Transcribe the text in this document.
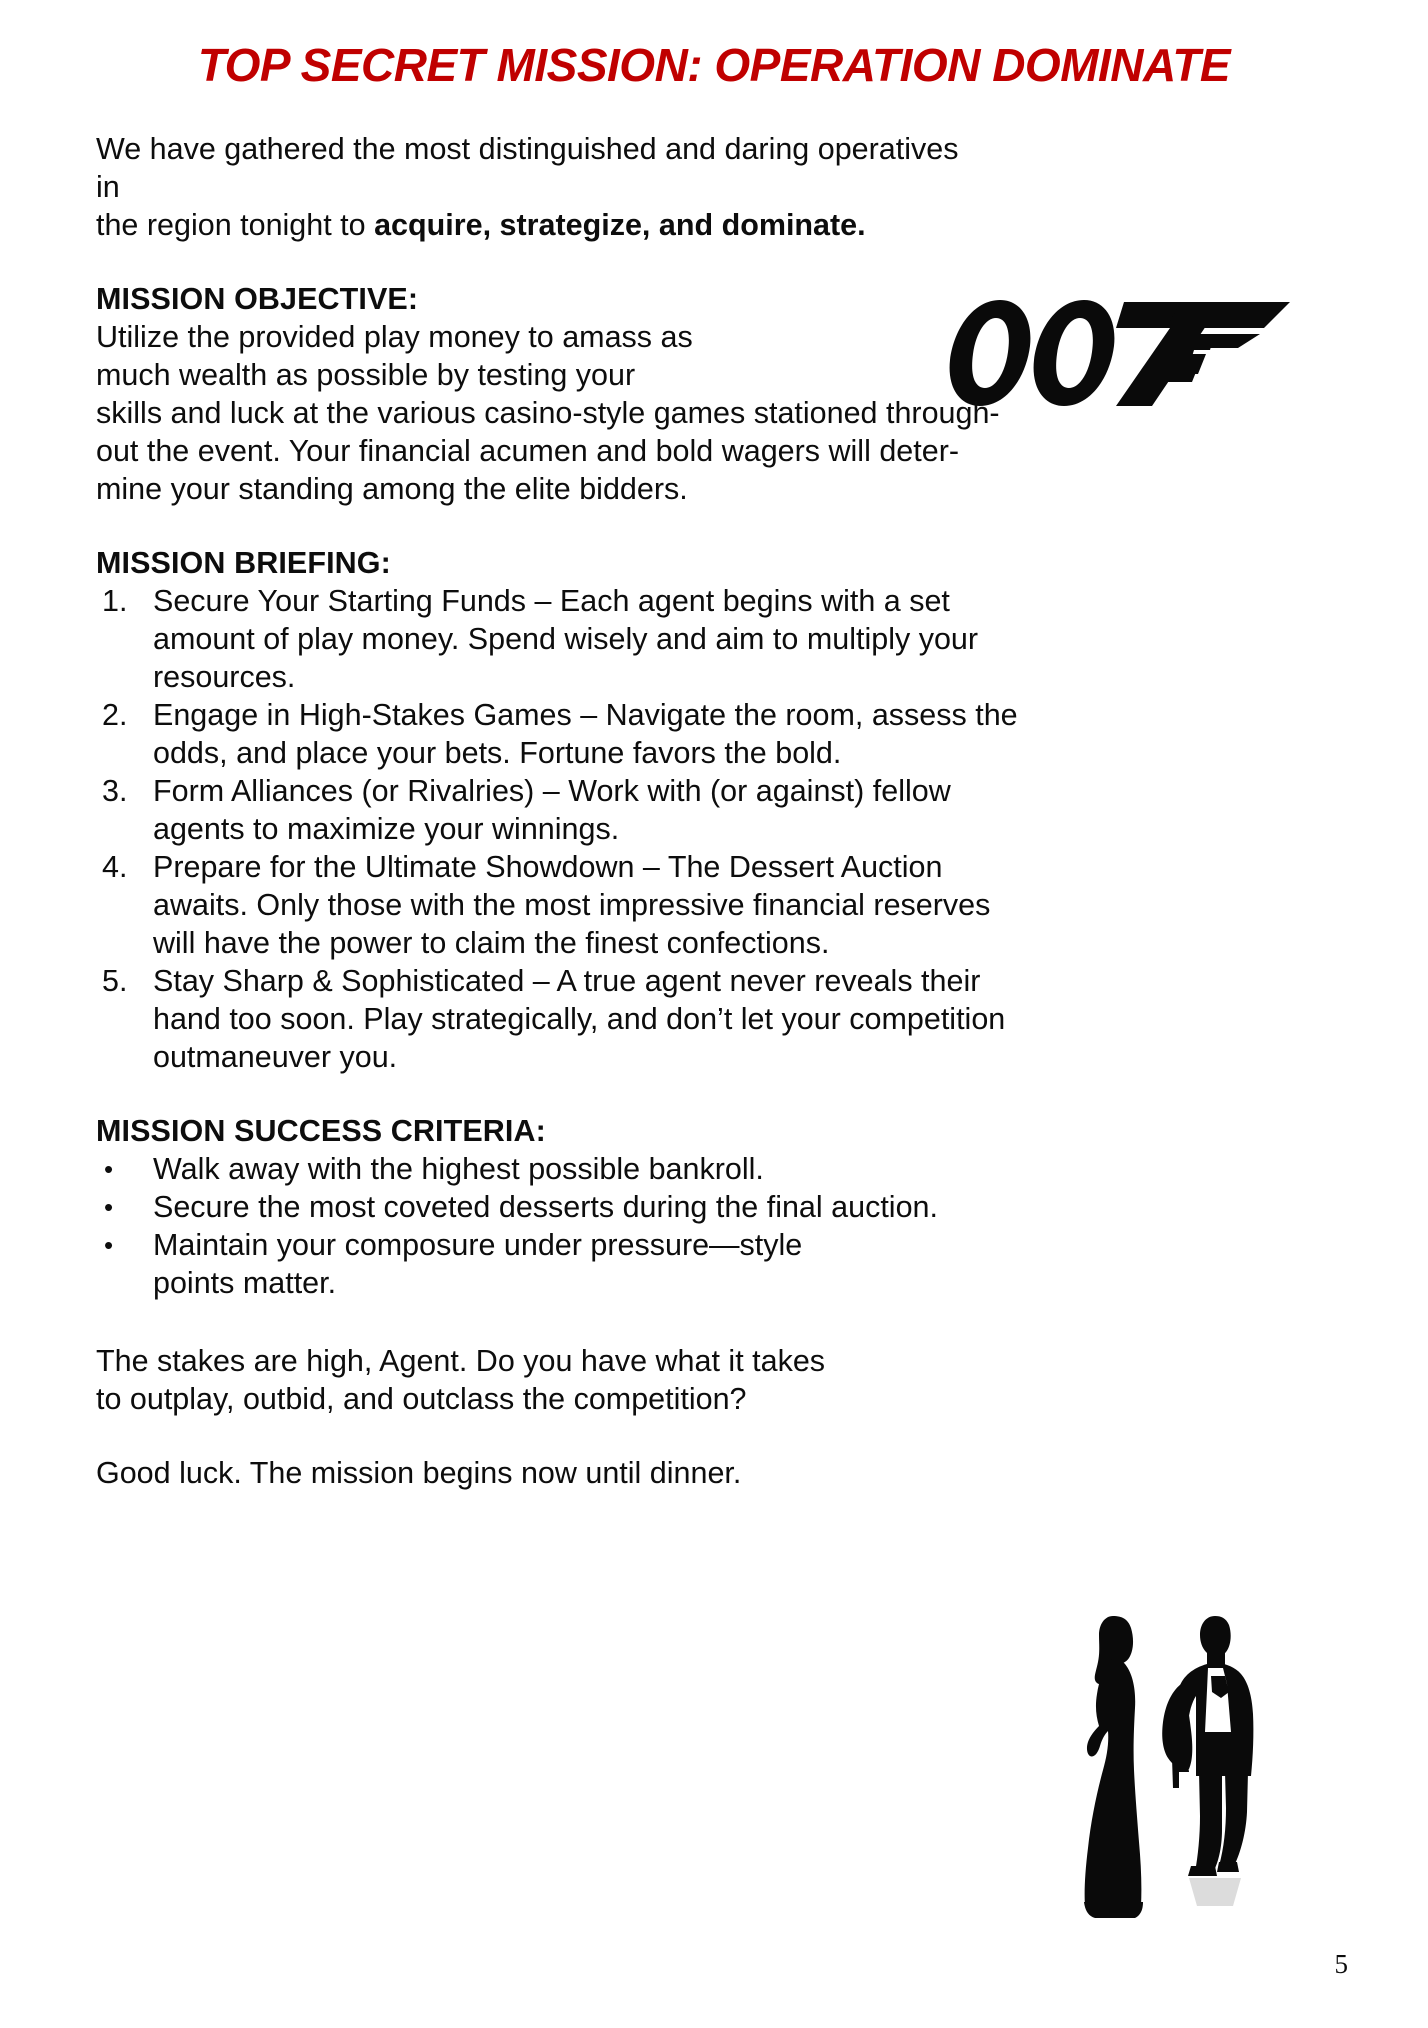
TOP SECRET MISSION: OPERATION DOMINATE

We have gathered the most distinguished and daring operatives in
the region tonight to acquire, strategize, and dominate.

MISSION OBJECTIVE:

Utilize the provided play money to amass as
much wealth as possible by testing your

skills and luck at the various casino-style games stationed through-
out the event. Your financial acumen and bold wagers will deter-
mine your standing among the elite bidders.

MISSION BRIEFING:

1. Secure Your Starting Funds – Each agent begins with a set amount of play money. Spend wisely and aim to multiply your resources.
2. Engage in High-Stakes Games – Navigate the room, assess the odds, and place your bets. Fortune favors the bold.
3. Form Alliances (or Rivalries) – Work with (or against) fellow agents to maximize your winnings.
4. Prepare for the Ultimate Showdown – The Dessert Auction awaits. Only those with the most impressive financial reserves will have the power to claim the finest confections.
5. Stay Sharp & Sophisticated – A true agent never reveals their hand too soon. Play strategically, and don’t let your competition outmaneuver you.

MISSION SUCCESS CRITERIA:

• Walk away with the highest possible bankroll.
• Secure the most coveted desserts during the final auction.
• Maintain your composure under pressure—style points matter.

The stakes are high, Agent. Do you have what it takes
to outplay, outbid, and outclass the competition?

Good luck. The mission begins now until dinner.

5
